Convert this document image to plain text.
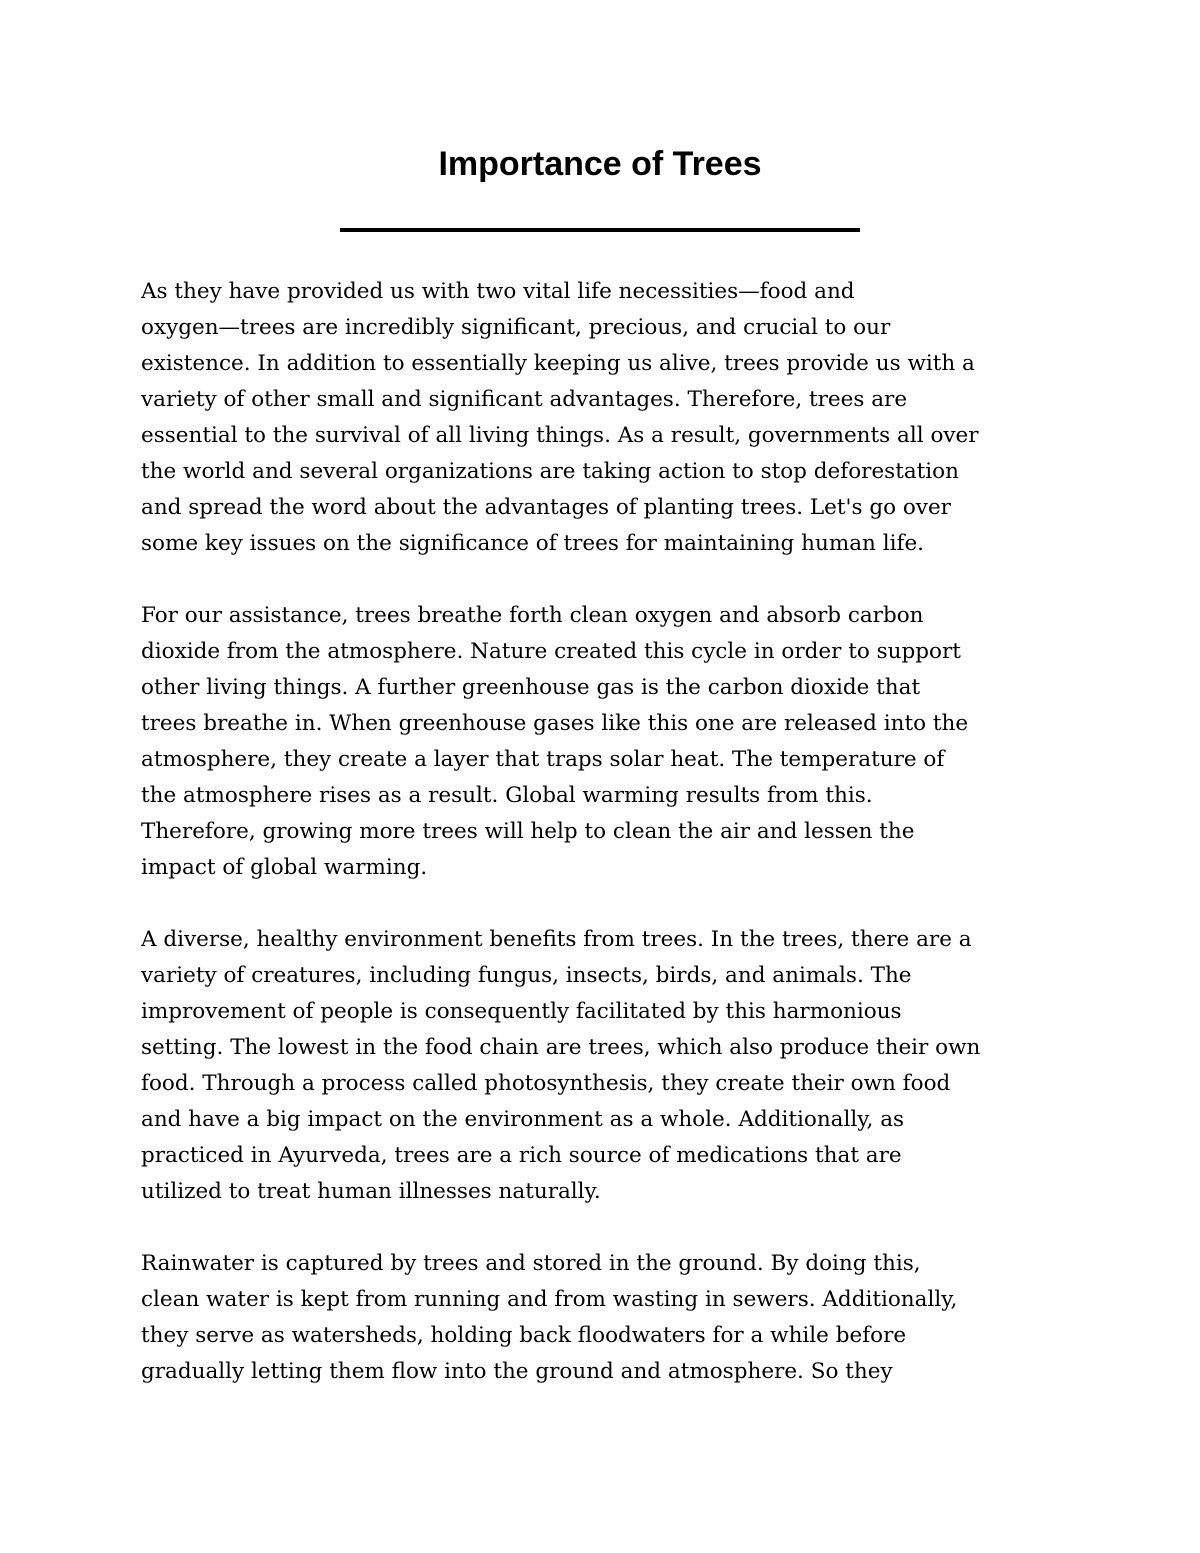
Importance of Trees

As they have provided us with two vital life necessities—food and
oxygen—trees are incredibly significant, precious, and crucial to our
existence. In addition to essentially keeping us alive, trees provide us with a
variety of other small and significant advantages. Therefore, trees are
essential to the survival of all living things. As a result, governments all over
the world and several organizations are taking action to stop deforestation
and spread the word about the advantages of planting trees. Let's go over
some key issues on the significance of trees for maintaining human life.

For our assistance, trees breathe forth clean oxygen and absorb carbon
dioxide from the atmosphere. Nature created this cycle in order to support
other living things. A further greenhouse gas is the carbon dioxide that
trees breathe in. When greenhouse gases like this one are released into the
atmosphere, they create a layer that traps solar heat. The temperature of
the atmosphere rises as a result. Global warming results from this.
Therefore, growing more trees will help to clean the air and lessen the
impact of global warming.

A diverse, healthy environment benefits from trees. In the trees, there are a
variety of creatures, including fungus, insects, birds, and animals. The
improvement of people is consequently facilitated by this harmonious
setting. The lowest in the food chain are trees, which also produce their own
food. Through a process called photosynthesis, they create their own food
and have a big impact on the environment as a whole. Additionally, as
practiced in Ayurveda, trees are a rich source of medications that are
utilized to treat human illnesses naturally.

Rainwater is captured by trees and stored in the ground. By doing this,
clean water is kept from running and from wasting in sewers. Additionally,
they serve as watersheds, holding back floodwaters for a while before
gradually letting them flow into the ground and atmosphere. So they
